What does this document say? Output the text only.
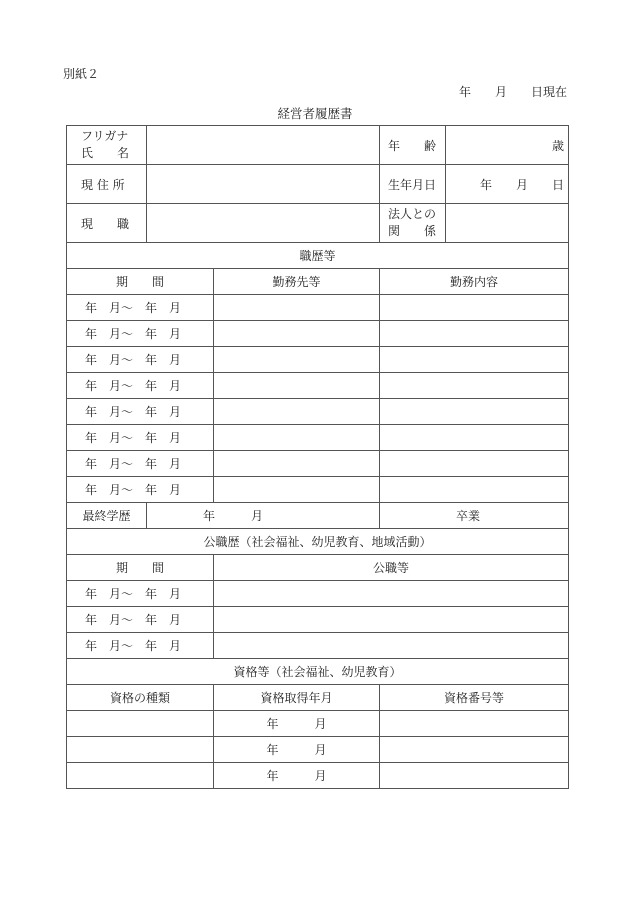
別紙２
年　　月　　日現在
経営者履歴書
フリガナ
氏　　名			年　　齢	歳
現 住 所			生年月日	年　　月　　日
現　　職			法人との
関　　係	

職歴等				
期　　間		勤務先等	勤務内容	
年　月～　年　月				
年　月～　年　月				
年　月～　年　月				
年　月～　年　月				
年　月～　年　月				
年　月～　年　月				
年　月～　年　月				
年　月～　年　月				
最終学歴	年　　　月		卒業	
公職歴（社会福祉、幼児教育、地域活動）				
期　　間		公職等		
年　月～　年　月				
年　月～　年　月				
年　月～　年　月				
資格等（社会福祉、幼児教育）				
資格の種類		資格取得年月	資格番号等	
		年　　　月		
		年　　　月		
		年　　　月		
